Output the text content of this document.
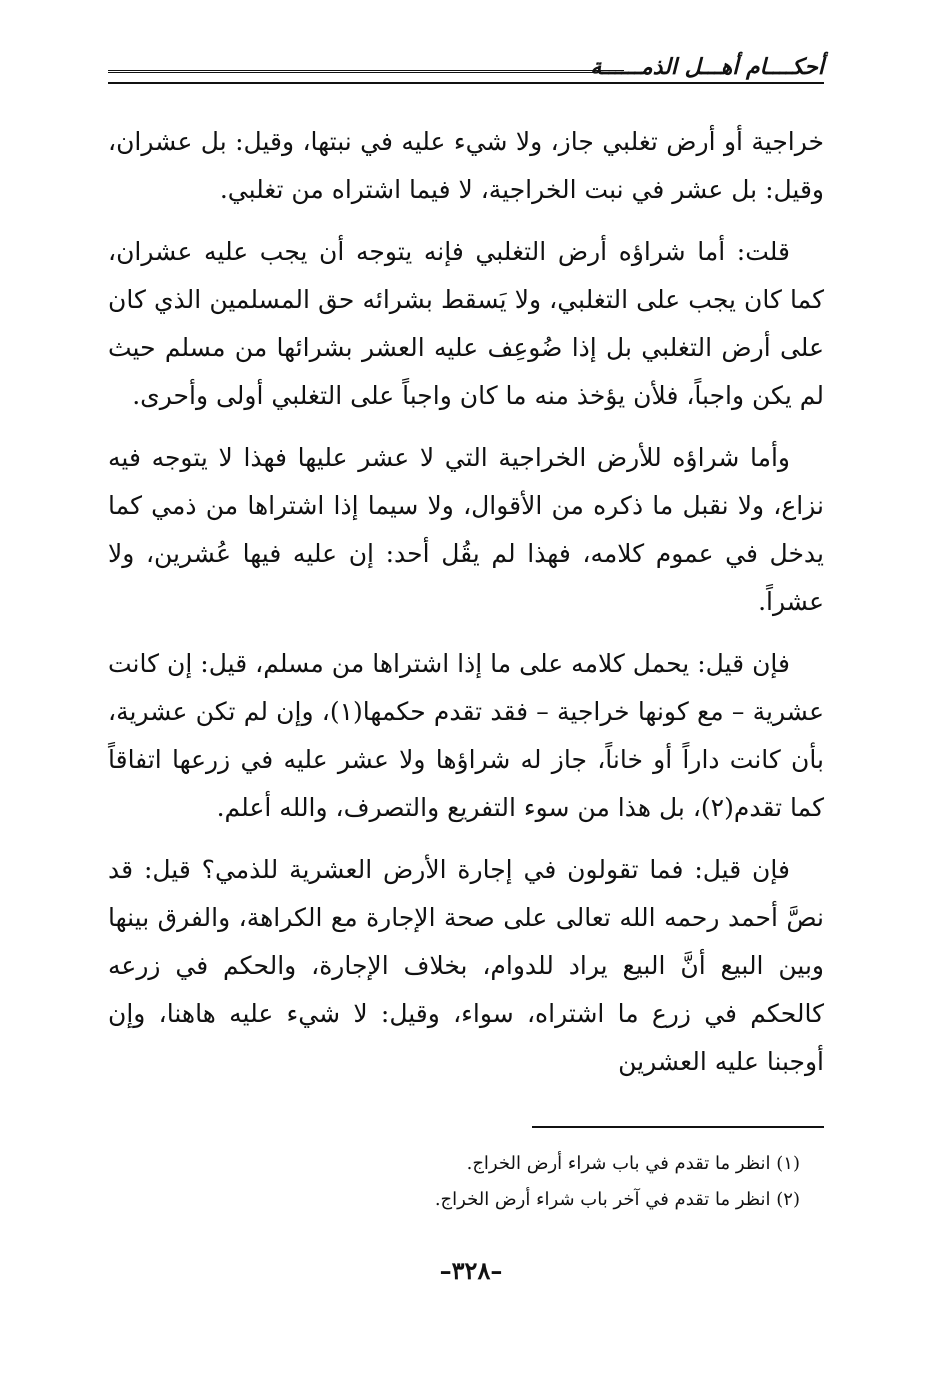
أحكــــام أهـــل الذمــــــة

خراجية أو أرض تغلبي جاز، ولا شيء عليه في نبتها، وقيل: بل عشران، وقيل: بل عشر في نبت الخراجية، لا فيما اشتراه من تغلبي.

قلت: أما شراؤه أرض التغلبي فإنه يتوجه أن يجب عليه عشران، كما كان يجب على التغلبي، ولا يَسقط بشرائه حق المسلمين الذي كان على أرض التغلبي بل إذا ضُوعِف عليه العشر بشرائها من مسلم حيث لم يكن واجباً، فلأن يؤخذ منه ما كان واجباً على التغلبي أولى وأحرى.

وأما شراؤه للأرض الخراجية التي لا عشر عليها فهذا لا يتوجه فيه نزاع، ولا نقبل ما ذكره من الأقوال، ولا سيما إذا اشتراها من ذمي كما يدخل في عموم كلامه، فهذا لم يقُل أحد: إن عليه فيها عُشرين، ولا عشراً.

فإن قيل: يحمل كلامه على ما إذا اشتراها من مسلم، قيل: إن كانت عشرية – مع كونها خراجية – فقد تقدم حكمها(١)، وإن لم تكن عشرية، بأن كانت داراً أو خاناً، جاز له شراؤها ولا عشر عليه في زرعها اتفاقاً كما تقدم(٢)، بل هذا من سوء التفريع والتصرف، والله أعلم.

فإن قيل: فما تقولون في إجارة الأرض العشرية للذمي؟ قيل: قد نصَّ أحمد رحمه الله تعالى على صحة الإجارة مع الكراهة، والفرق بينها وبين البيع أنَّ البيع يراد للدوام، بخلاف الإجارة، والحكم في زرعه كالحكم في زرع ما اشتراه، سواء، وقيل: لا شيء عليه هاهنا، وإن أوجبنا عليه العشرين

(١) انظر ما تقدم في باب شراء أرض الخراج.

(٢) انظر ما تقدم في آخر باب شراء أرض الخراج.

–٣٢٨–
